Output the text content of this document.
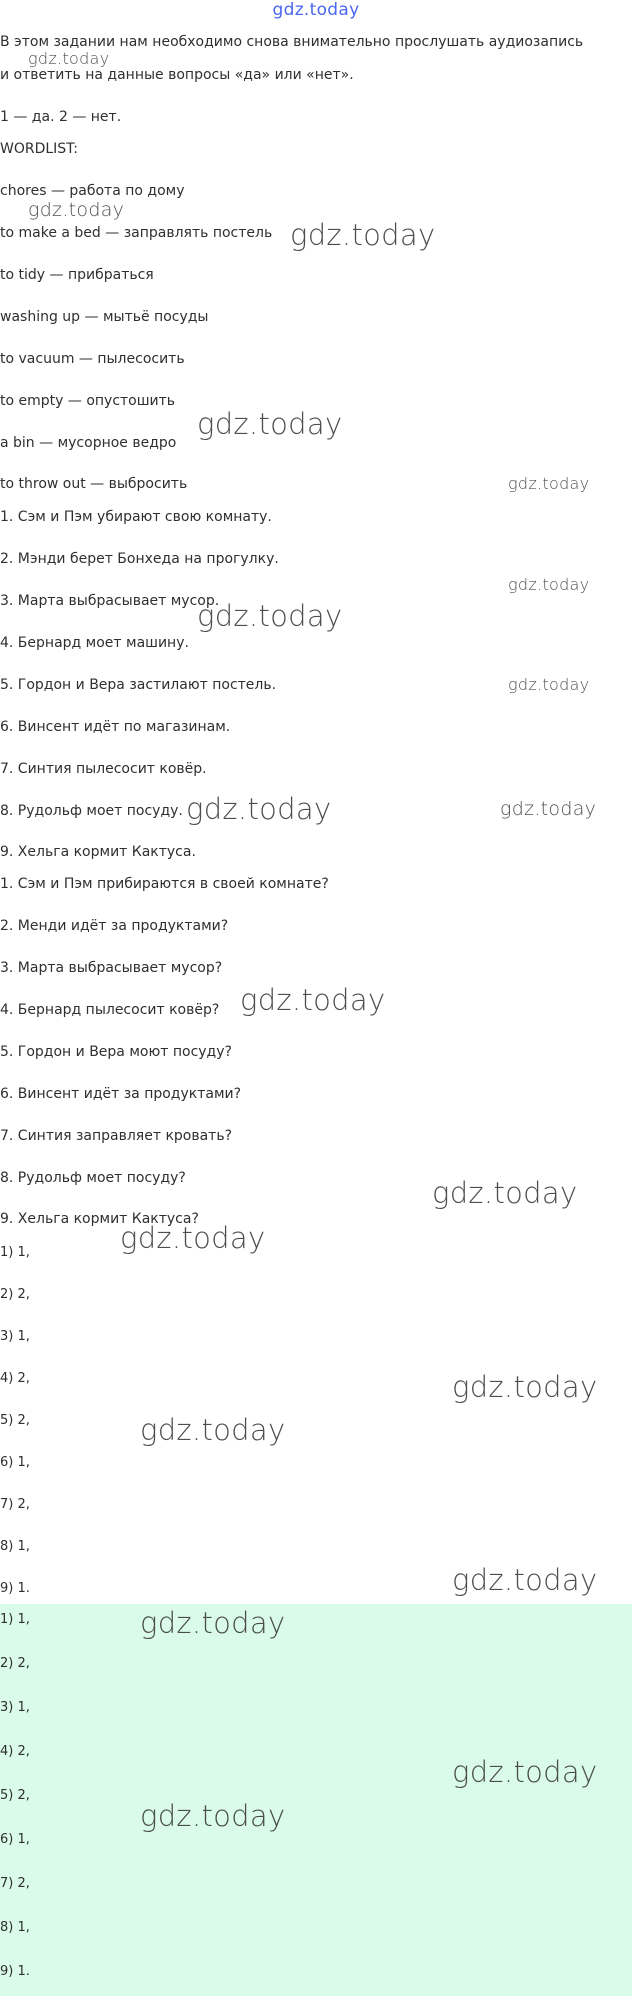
gdz.today
В этом задании нам необходимо снова внимательно прослушать аудиозапись
и ответить на данные вопросы «да» или «нет».
1 — да. 2 — нет.
WORDLIST:
chores — работа по дому
to make a bed — заправлять постель
to tidy — прибраться
washing up — мытьё посуды
to vacuum — пылесосить
to empty — опустошить
a bin — мусорное ведро
to throw out — выбросить
1. Сэм и Пэм убирают свою комнату.
2. Мэнди берет Бонхеда на прогулку.
3. Марта выбрасывает мусор.
4. Бернард моет машину.
5. Гордон и Вера застилают постель.
6. Винсент идёт по магазинам.
7. Синтия пылесосит ковёр.
8. Рудольф моет посуду.
9. Хельга кормит Кактуса.
1. Сэм и Пэм прибираются в своей комнате?
2. Менди идёт за продуктами?
3. Марта выбрасывает мусор?
4. Бернард пылесосит ковёр?
5. Гордон и Вера моют посуду?
6. Винсент идёт за продуктами?
7. Синтия заправляет кровать?
8. Рудольф моет посуду?
9. Хельга кормит Кактуса?
1) 1,
2) 2,
3) 1,
4) 2,
5) 2,
6) 1,
7) 2,
8) 1,
9) 1.
1) 1,
2) 2,
3) 1,
4) 2,
5) 2,
6) 1,
7) 2,
8) 1,
9) 1.
gdz.today
gdz.today
gdz.today
gdz.today
gdz.today
gdz.today
gdz.today
gdz.today
gdz.today	gdz.today
gdz.today
gdz.today
gdz.today
gdz.today
gdz.today
gdz.today
gdz.today
gdz.today
gdz.today
